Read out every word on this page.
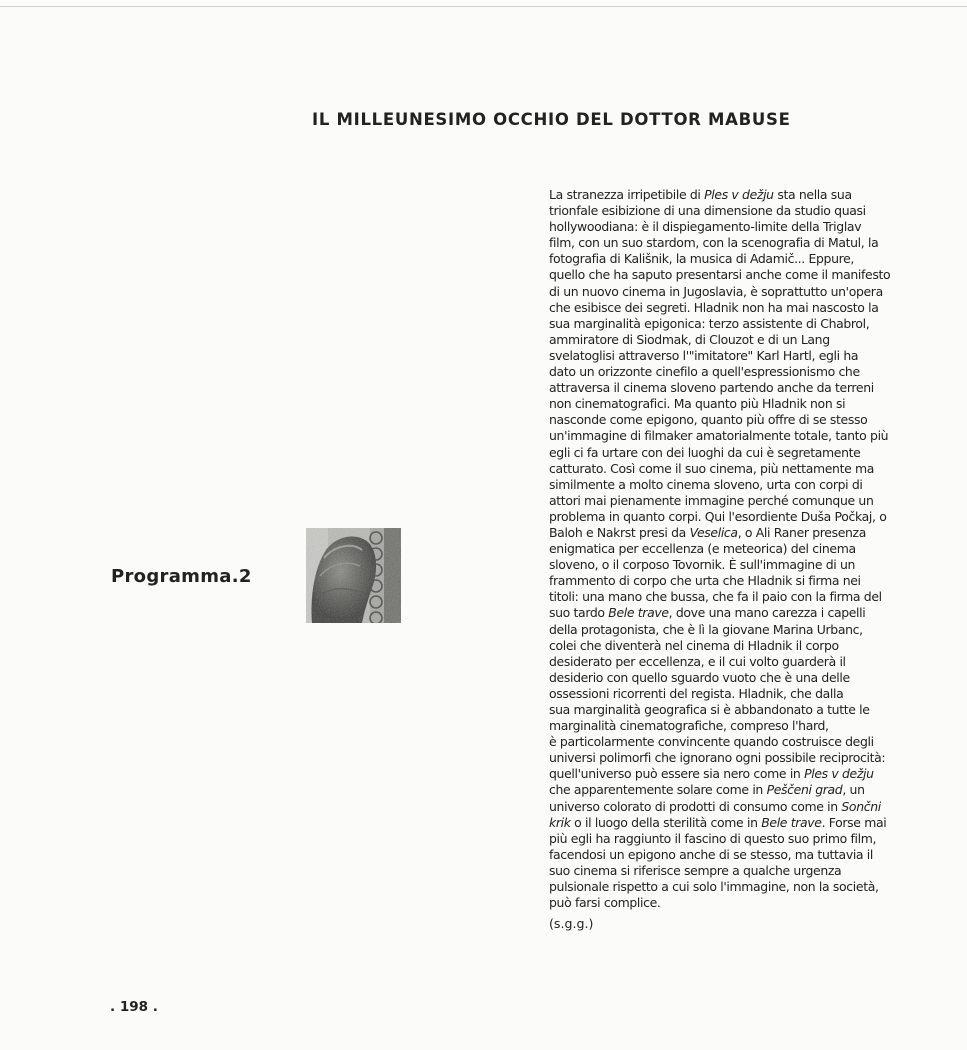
IL MILLEUNESIMO OCCHIO DEL DOTTOR MABUSE
Programma.2
La stranezza irripetibile di Ples v dežju sta nella sua
trionfale esibizione di una dimensione da studio quasi
hollywoodiana: è il dispiegamento-limite della Triglav
film, con un suo stardom, con la scenografia di Matul, la
fotografia di Kališnik, la musica di Adamič... Eppure,
quello che ha saputo presentarsi anche come il manifesto
di un nuovo cinema in Jugoslavia, è soprattutto un'opera
che esibisce dei segreti. Hladnik non ha mai nascosto la
sua marginalità epigonica: terzo assistente di Chabrol,
ammiratore di Siodmak, di Clouzot e di un Lang
svelatoglisi attraverso l'"imitatore" Karl Hartl, egli ha
dato un orizzonte cinefilo a quell'espressionismo che
attraversa il cinema sloveno partendo anche da terreni
non cinematografici. Ma quanto più Hladnik non si
nasconde come epigono, quanto più offre di se stesso
un'immagine di filmaker amatorialmente totale, tanto più
egli ci fa urtare con dei luoghi da cui è segretamente
catturato. Così come il suo cinema, più nettamente ma
similmente a molto cinema sloveno, urta con corpi di
attori mai pienamente immagine perché comunque un
problema in quanto corpi. Qui l'esordiente Duša Počkaj, o
Baloh e Nakrst presi da Veselica, o Ali Raner presenza
enigmatica per eccellenza (e meteorica) del cinema
sloveno, o il corposo Tovornik. È sull'immagine di un
frammento di corpo che urta che Hladnik si firma nei
titoli: una mano che bussa, che fa il paio con la firma del
suo tardo Bele trave, dove una mano carezza i capelli
della protagonista, che è lì la giovane Marina Urbanc,
colei che diventerà nel cinema di Hladnik il corpo
desiderato per eccellenza, e il cui volto guarderà il
desiderio con quello sguardo vuoto che è una delle
ossessioni ricorrenti del regista. Hladnik, che dalla
sua marginalità geografica si è abbandonato a tutte le
marginalità cinematografiche, compreso l'hard,
è particolarmente convincente quando costruisce degli
universi polimorfi che ignorano ogni possibile reciprocità:
quell'universo può essere sia nero come in Ples v dežju
che apparentemente solare come in Peščeni grad, un
universo colorato di prodotti di consumo come in Sončni
krik o il luogo della sterilità come in Bele trave. Forse mai
più egli ha raggiunto il fascino di questo suo primo film,
facendosi un epigono anche di se stesso, ma tuttavia il
suo cinema si riferisce sempre a qualche urgenza
pulsionale rispetto a cui solo l'immagine, non la società,
può farsi complice.
(s.g.g.)
. 198 .
